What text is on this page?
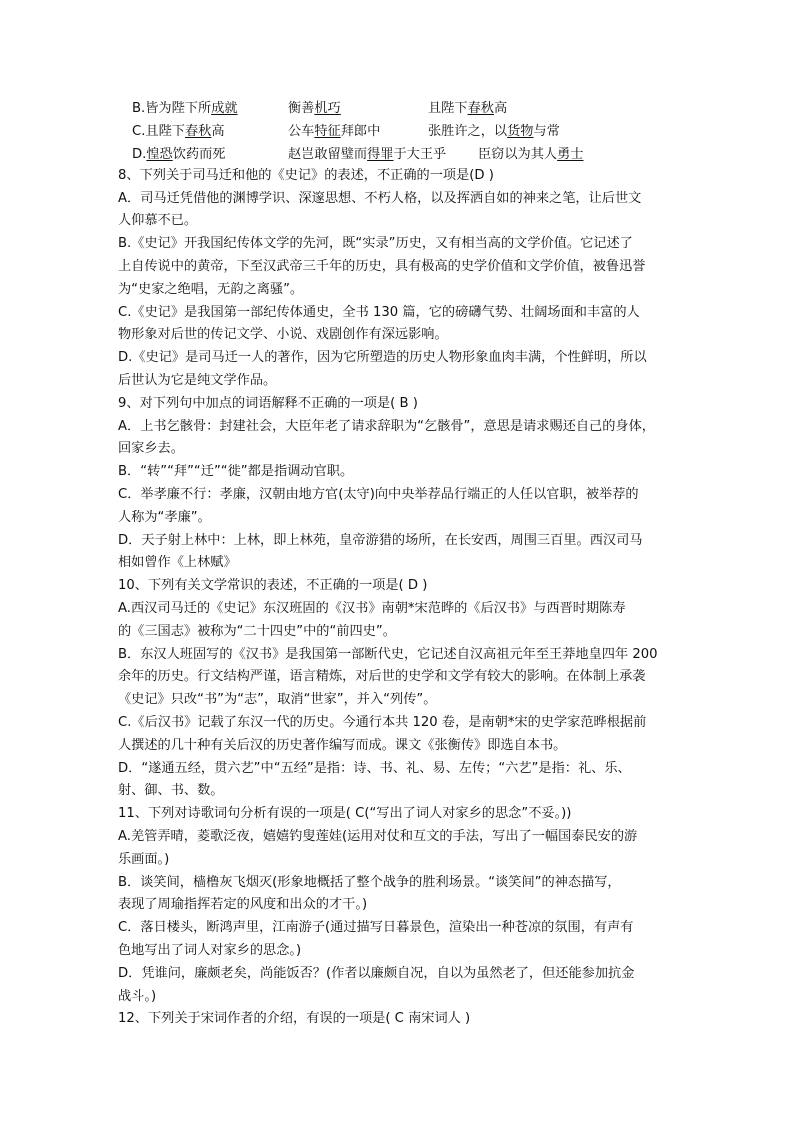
B.皆为陛下所成就	衡善机巧	且陛下春秋高
C.且陛下春秋高	公车特征拜郎中	张胜许之，以货物与常
D.惶恐饮药而死	赵岂敢留璧而得罪于大王乎 臣窃以为其人勇士
8、下列关于司马迁和他的《史记》的表述，不正确的一项是(D )
A．司马迁凭借他的渊博学识、深邃思想、不朽人格，以及挥洒自如的神来之笔，让后世文
人仰慕不已。
B.《史记》开我国纪传体文学的先河，既“实录”历史，又有相当高的文学价值。它记述了
上自传说中的黄帝，下至汉武帝三千年的历史，具有极高的史学价值和文学价值，被鲁迅誉
为“史家之绝唱，无韵之离骚”。
C.《史记》是我国第一部纪传体通史，全书 130 篇，它的磅礴气势、壮阔场面和丰富的人
物形象对后世的传记文学、小说、戏剧创作有深远影响。
D.《史记》是司马迁一人的著作，因为它所塑造的历史人物形象血肉丰满，个性鲜明，所以
后世认为它是纯文学作品。
9、对下列句中加点的词语解释不正确的一项是( B )
A．上书乞骸骨：封建社会，大臣年老了请求辞职为“乞骸骨”，意思是请求赐还自己的身体，
回家乡去。
B．“转”“拜”“迁”“徙”都是指调动官职。
C．举孝廉不行：孝廉，汉朝由地方官(太守)向中央举荐品行端正的人任以官职，被举荐的
人称为“孝廉”。
D．天子射上林中：上林，即上林苑，皇帝游猎的场所，在长安西，周围三百里。西汉司马
相如曾作《上林赋》
10、下列有关文学常识的表述，不正确的一项是( D )
A.西汉司马迁的《史记》东汉班固的《汉书》南朝*宋范晔的《后汉书》与西晋时期陈寿
的《三国志》被称为“二十四史”中的“前四史”。
B．东汉人班固写的《汉书》是我国第一部断代史，它记述自汉高祖元年至王莽地皇四年 200
余年的历史。行文结构严谨，语言精炼，对后世的史学和文学有较大的影响。在体制上承袭
《史记》只改“书”为“志”，取消“世家”，并入“列传”。
C.《后汉书》记载了东汉一代的历史。今通行本共 120 卷，是南朝*宋的史学家范晔根据前
人撰述的几十种有关后汉的历史著作编写而成。课文《张衡传》即选自本书。
D．“遂通五经，贯六艺”中“五经”是指：诗、书、礼、易、左传；“六艺”是指：礼、乐、
射、御、书、数。
11、下列对诗歌词句分析有误的一项是( C(“写出了词人对家乡的思念”不妥。))
A.羌管弄晴，菱歌泛夜，嬉嬉钓叟莲娃(运用对仗和互文的手法，写出了一幅国泰民安的游
乐画面。)
B．谈笑间，樯橹灰飞烟灭(形象地概括了整个战争的胜利场景。“谈笑间”的神态描写，
表现了周瑜指挥若定的风度和出众的才干。)
C．落日楼头，断鸿声里，江南游子(通过描写日暮景色，渲染出一种苍凉的氛围，有声有
色地写出了词人对家乡的思念。)
D．凭谁问，廉颇老矣，尚能饭否？(作者以廉颇自况，自以为虽然老了，但还能参加抗金
战斗。)
12、下列关于宋词作者的介绍，有误的一项是( C 南宋词人 )
